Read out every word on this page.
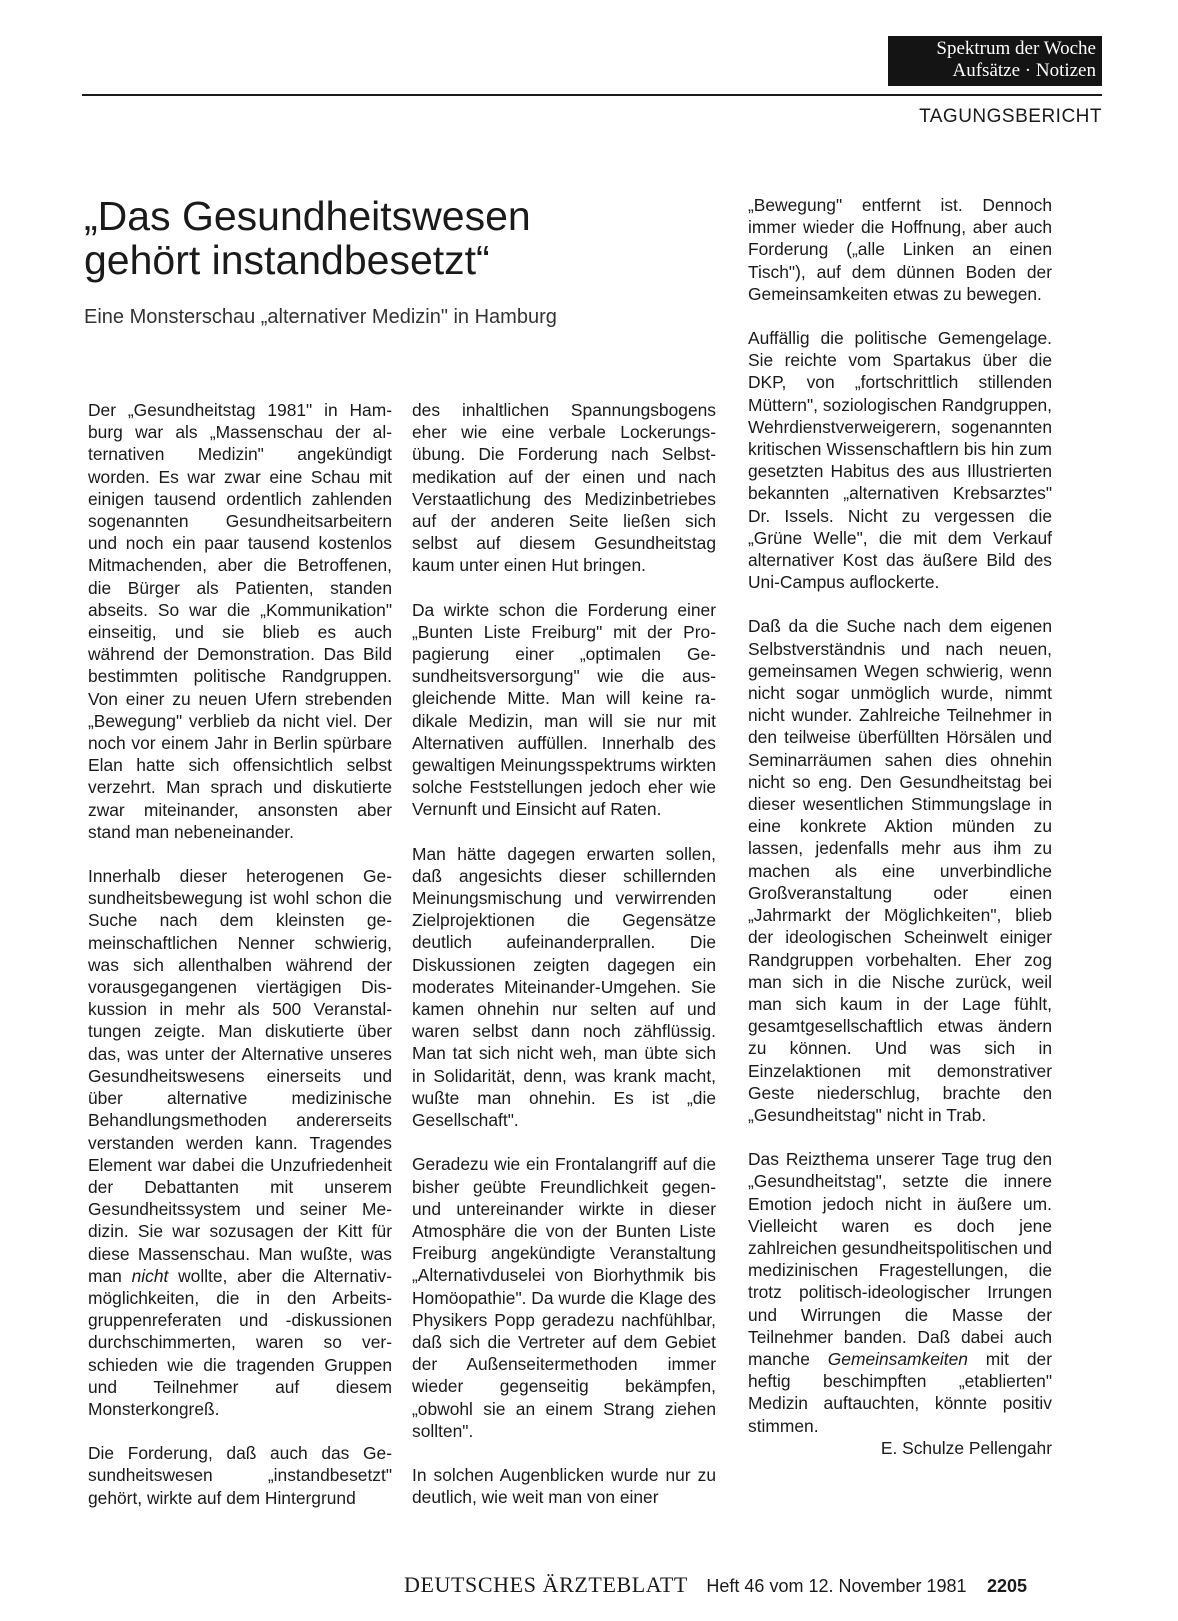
Spektrum der Woche
Aufsätze · Notizen
TAGUNGSBERICHT
„Das Gesundheitswesen
gehört instandbesetzt“
Eine Monsterschau „alternativer Medizin" in Hamburg

Der „Gesundheitstag 1981" in Hamburg war als „Massenschau der alternativen Medizin" angekündigt worden. Es war zwar eine Schau mit einigen tausend ordentlich zahlenden sogenannten Gesundheitsarbeitern und noch ein paar tausend kostenlos Mitmachenden, aber die Betroffenen, die Bürger als Patienten, standen abseits. So war die „Kommunikation" einseitig, und sie blieb es auch während der Demonstration. Das Bild bestimmten politische Randgruppen. Von einer zu neuen Ufern strebenden „Bewegung" verblieb da nicht viel. Der noch vor einem Jahr in Berlin spürbare Elan hatte sich offensichtlich selbst verzehrt. Man sprach und diskutierte zwar miteinander, ansonsten aber stand man nebeneinander.

Innerhalb dieser heterogenen Gesundheitsbewegung ist wohl schon die Suche nach dem kleinsten gemeinschaftlichen Nenner schwierig, was sich allenthalben während der vorausgegangenen viertägigen Diskussion in mehr als 500 Veranstaltungen zeigte. Man diskutierte über das, was unter der Alternative unseres Gesundheitswesens einerseits und über alternative medizinische Behandlungsmethoden andererseits verstanden werden kann. Tragendes Element war dabei die Unzufriedenheit der Debattanten mit unserem Gesundheitssystem und seiner Medizin. Sie war sozusagen der Kitt für diese Massenschau. Man wußte, was man nicht wollte, aber die Alternativmöglichkeiten, die in den Arbeitsgruppenreferaten und -diskussionen durchschimmerten, waren so verschieden wie die tragenden Gruppen und Teilnehmer auf diesem Monsterkongreß.

Die Forderung, daß auch das Gesundheitswesen „instandbesetzt" gehört, wirkte auf dem Hintergrund

des inhaltlichen Spannungsbogens eher wie eine verbale Lockerungsübung. Die Forderung nach Selbstmedikation auf der einen und nach Verstaatlichung des Medizinbetriebes auf der anderen Seite ließen sich selbst auf diesem Gesundheitstag kaum unter einen Hut bringen.

Da wirkte schon die Forderung einer „Bunten Liste Freiburg" mit der Propagierung einer „optimalen Gesundheitsversorgung" wie die ausgleichende Mitte. Man will keine radikale Medizin, man will sie nur mit Alternativen auffüllen. Innerhalb des gewaltigen Meinungsspektrums wirkten solche Feststellungen jedoch eher wie Vernunft und Einsicht auf Raten.

Man hätte dagegen erwarten sollen, daß angesichts dieser schillernden Meinungsmischung und verwirrenden Zielprojektionen die Gegensätze deutlich aufeinanderprallen. Die Diskussionen zeigten dagegen ein moderates Miteinander-Umgehen. Sie kamen ohnehin nur selten auf und waren selbst dann noch zähflüssig. Man tat sich nicht weh, man übte sich in Solidarität, denn, was krank macht, wußte man ohnehin. Es ist „die Gesellschaft".

Geradezu wie ein Frontalangriff auf die bisher geübte Freundlichkeit gegen- und untereinander wirkte in dieser Atmosphäre die von der Bunten Liste Freiburg angekündigte Veranstaltung „Alternativduselei von Biorhythmik bis Homöopathie". Da wurde die Klage des Physikers Popp geradezu nachfühlbar, daß sich die Vertreter auf dem Gebiet der Außenseitermethoden immer wieder gegenseitig bekämpfen, „obwohl sie an einem Strang ziehen sollten".

In solchen Augenblicken wurde nur zu deutlich, wie weit man von einer

„Bewegung" entfernt ist. Dennoch immer wieder die Hoffnung, aber auch Forderung („alle Linken an einen Tisch"), auf dem dünnen Boden der Gemeinsamkeiten etwas zu bewegen.

Auffällig die politische Gemengelage. Sie reichte vom Spartakus über die DKP, von „fortschrittlich stillenden Müttern", soziologischen Randgruppen, Wehrdienstverweigerern, sogenannten kritischen Wissenschaftlern bis hin zum gesetzten Habitus des aus Illustrierten bekannten „alternativen Krebsarztes" Dr. Issels. Nicht zu vergessen die „Grüne Welle", die mit dem Verkauf alternativer Kost das äußere Bild des Uni-Campus auflockerte.

Daß da die Suche nach dem eigenen Selbstverständnis und nach neuen, gemeinsamen Wegen schwierig, wenn nicht sogar unmöglich wurde, nimmt nicht wunder. Zahlreiche Teilnehmer in den teilweise überfüllten Hörsälen und Seminarräumen sahen dies ohnehin nicht so eng. Den Gesundheitstag bei dieser wesentlichen Stimmungslage in eine konkrete Aktion münden zu lassen, jedenfalls mehr aus ihm zu machen als eine unverbindliche Großveranstaltung oder einen „Jahrmarkt der Möglichkeiten", blieb der ideologischen Scheinwelt einiger Randgruppen vorbehalten. Eher zog man sich in die Nische zurück, weil man sich kaum in der Lage fühlt, gesamtgesellschaftlich etwas ändern zu können. Und was sich in Einzelaktionen mit demonstrativer Geste niederschlug, brachte den „Gesundheitstag" nicht in Trab.

Das Reizthema unserer Tage trug den „Gesundheitstag", setzte die innere Emotion jedoch nicht in äußere um. Vielleicht waren es doch jene zahlreichen gesundheitspolitischen und medizinischen Fragestellungen, die trotz politisch-ideologischer Irrungen und Wirrungen die Masse der Teilnehmer banden. Daß dabei auch manche Gemeinsamkeiten mit der heftig beschimpften „etablierten" Medizin auftauchten, könnte positiv stimmen.

E. Schulze Pellengahr
DEUTSCHES ÄRZTEBLATT Heft 46 vom 12. November 1981 2205
